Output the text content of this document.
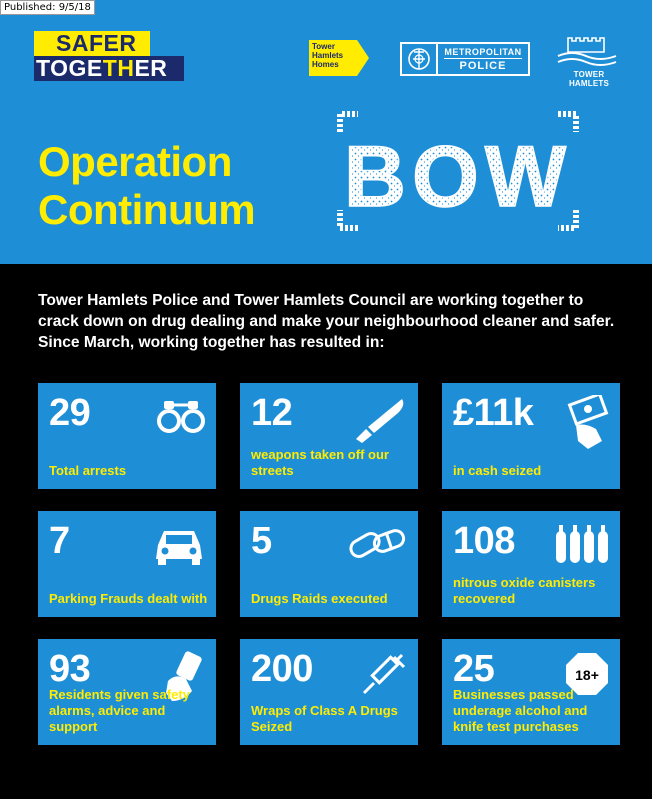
Published: 9/5/18
SAFER
TOGETHER
Tower Hamlets Homes
METROPOLITAN
POLICE
TOWER HAMLETS
Operation
Continuum BOW
Tower Hamlets Police and Tower Hamlets Council are working together to crack down on drug dealing and make your neighbourhood cleaner and safer. Since March, working together has resulted in:
29
Total arrests
12
weapons taken off our streets
£11k
in cash seized
7
Parking Frauds dealt with
5
Drugs Raids executed
108
nitrous oxide canisters recovered
93
Residents given safety alarms, advice and support
200
Wraps of Class A Drugs Seized
25	18+
Businesses passed underage alcohol and knife test purchases
